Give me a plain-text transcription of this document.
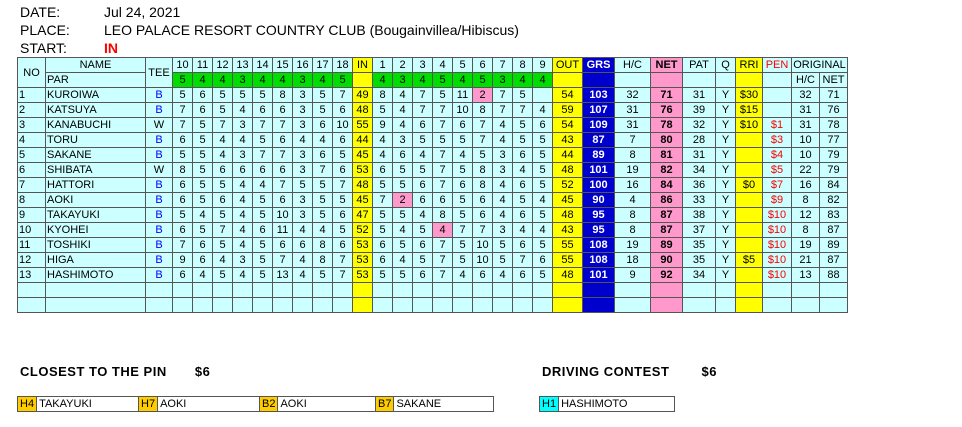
DATE:	Jul 24, 2021
PLACE: LEO PALACE RESORT COUNTRY CLUB (Bougainvillea/Hibiscus)
START:	IN
NO	NAME	TEE	10	11	12	13	14	15	16	17	18	IN	1	2	3	4	5	6	7	8	9	OUT	GRS	H/C	NET	PAT	Q	RRI	PEN	ORIGINAL	
	PAR		5	4	4	3	4	4	3	4	5		4	3	4	5	4	5	3	4	4									H/C	NET
1	KUROIWA	B	5	6	5	5	5	8	3	5	7	49	8	4	7	5	11	2	7	5		54	103	32	71	31	Y	$30		32	71
2	KATSUYA	B	7	6	5	4	6	6	3	5	6	48	5	4	7	7	10	8	7	7	4	59	107	31	76	39	Y	$15		31	76
3	KANABUCHI	W	7	5	7	3	7	7	3	6	10	55	9	4	6	7	6	7	4	5	6	54	109	31	78	32	Y	$10	$1	31	78
4	TORU	B	6	5	4	4	5	6	4	4	6	44	4	3	5	5	5	7	4	5	5	43	87	7	80	28	Y		$3	10	77
5	SAKANE	B	5	5	4	3	7	7	3	6	5	45	4	6	4	7	4	5	3	6	5	44	89	8	81	31	Y		$4	10	79
6	SHIBATA	W	8	5	6	6	6	6	3	7	6	53	6	5	5	7	5	8	3	4	5	48	101	19	82	34	Y		$5	22	79
7	HATTORI	B	6	5	5	4	4	7	5	5	7	48	5	5	6	7	6	8	4	6	5	52	100	16	84	36	Y	$0	$7	16	84
8	AOKI	B	6	5	6	4	5	6	3	5	5	45	7	2	6	6	5	6	4	5	4	45	90	4	86	33	Y		$9	8	82
9	TAKAYUKI	B	5	4	5	4	5	10	3	5	6	47	5	5	4	8	5	6	4	6	5	48	95	8	87	38	Y		$10	12	83
10	KYOHEI	B	6	5	7	4	6	11	4	4	5	52	5	4	5	4	7	7	3	4	4	43	95	8	87	37	Y		$10	8	87
11	TOSHIKI	B	7	6	5	4	5	6	6	8	6	53	6	5	6	7	5	10	5	6	5	55	108	19	89	35	Y		$10	19	89
12	HIGA	B	9	6	4	3	5	7	4	8	7	53	6	4	5	7	5	10	5	7	6	55	108	18	90	35	Y	$5	$10	21	87
13	HASHIMOTO	B	6	4	5	4	5	13	4	5	7	53	5	5	6	7	4	6	4	6	5	48	101	9	92	34	Y		$10	13	88

CLOSEST TO THE PIN $6	DRIVING CONTEST $6
H4 TAKAYUKI	H7 AOKI	B2 AOKI	B7 SAKANE	H1 HASHIMOTO
